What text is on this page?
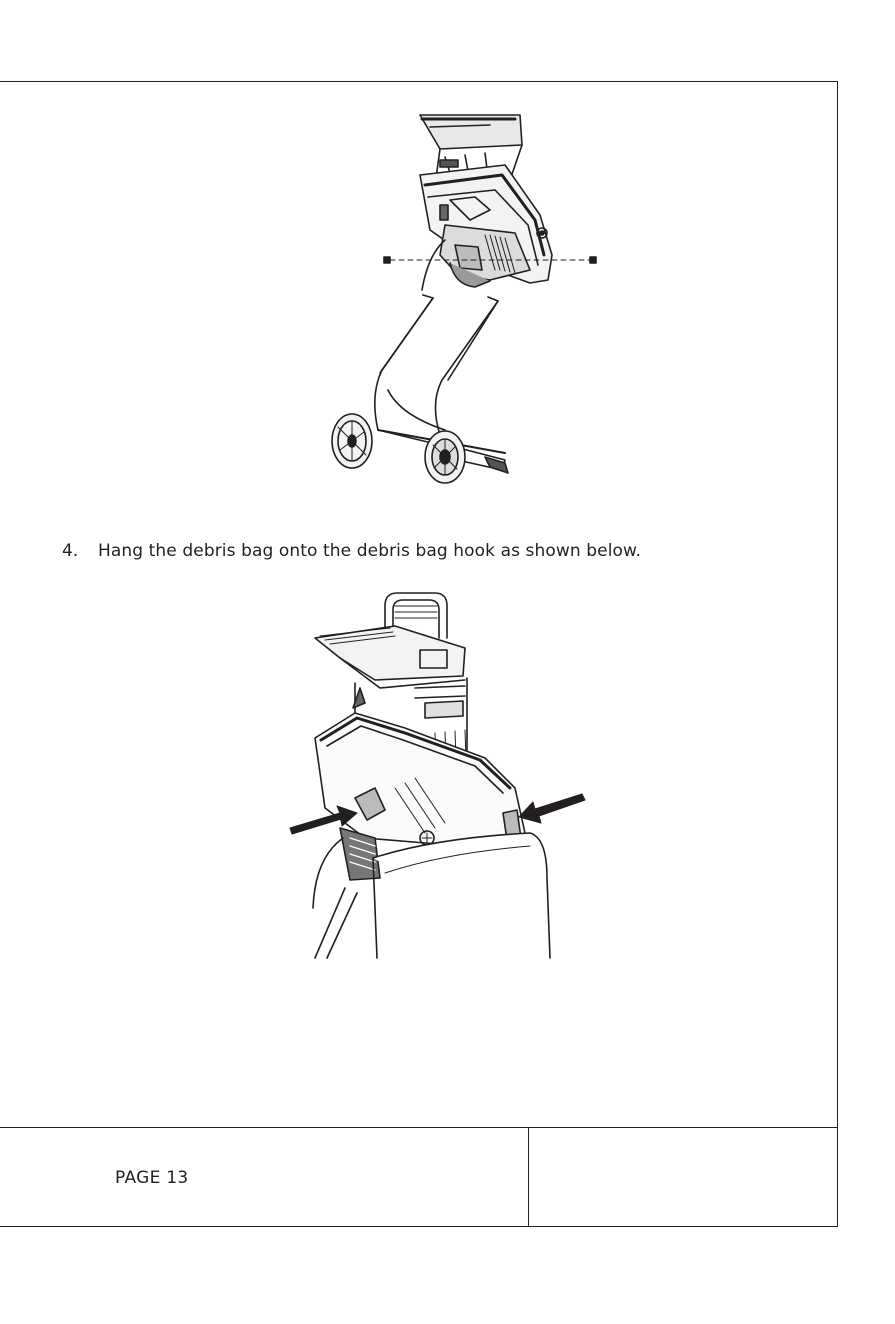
4. Hang the debris bag onto the debris bag hook as shown below.
PAGE 13
